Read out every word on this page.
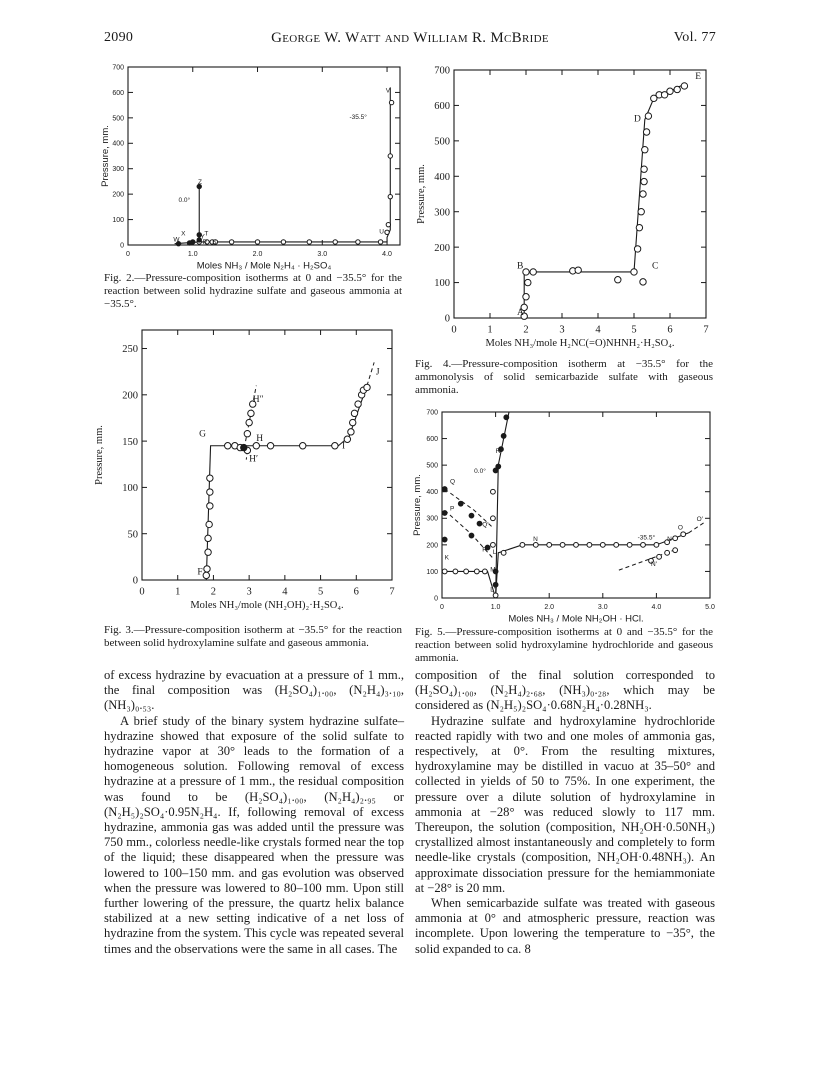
2090	George W. Watt and William R. McBride	Vol. 77
0	1.0	2.0	3.0	4.0
0
100
200
300
400
500
600
700
Moles NH₃ / Mole N₂H₄ · H₂SO₄
Pressure, mm.
W
X Y T
R S
Z
U
V
0.0°
-35.5°
Fig. 2.—Pressure-composition isotherms at 0 and −35.5° for the reaction between solid hydrazine sulfate and gaseous ammonia at −35.5°.
0	1	2	3	4	5	6	7
0
50
100
150
200
250
Moles NH₃/mole (NH₂OH)₂·H₂SO₄.
Pressure, mm.
F
G	H
H″
H′
I
J
Fig. 3.—Pressure-composition isotherm at −35.5° for the reaction between solid hydroxylamine sulfate and gaseous ammonia.
0	1	2	3	4	5	6	7
0
100
200
300
400
500
600
700
Moles NH₃/mole H₂NC(=O)NHNH₂·H₂SO₄.
Pressure, mm.
A
B	C
D
E
Fig. 4.—Pressure-composition isotherm at −35.5° for the ammonolysis of solid semicarbazide sulfate with gaseous ammonia.
0	1.0	2.0	3.0	4.0	5.0
0
100
200
300
400
500
600
700
Moles NH₃ / Mole NH₂OH · HCl.
Pressure, mm.	Q
P
K
R
0.0°
Q′
P′ L
L′
M
N	-35.5° N
O
N′
O′
Fig. 5.—Pressure-composition isotherms at 0 and −35.5° for the reaction between solid hydroxylamine hydrochloride and gaseous ammonia.

of excess hydrazine by evacuation at a pressure of 1 mm., the final composition was (H₂SO₄)₁.₀₀, (N₂H₄)₃.₁₀, (NH₃)₀.₅₃.

A brief study of the binary system hydrazine sulfate–hydrazine showed that exposure of the solid sulfate to hydrazine vapor at 30° leads to the formation of a homogeneous solution. Following removal of excess hydrazine at a pressure of 1 mm., the residual composition was found to be (H₂SO₄)₁.₀₀, (N₂H₄)₂.₉₅ or (N₂H₅)₂SO₄·0.95N₂H₄. If, following removal of excess hydrazine, ammonia gas was added until the pressure was 750 mm., colorless needle-like crystals formed near the top of the liquid; these disappeared when the pressure was lowered to 100–150 mm. and gas evolution was observed when the pressure was lowered to 80–100 mm. Upon still further lowering of the pressure, the quartz helix balance stabilized at a new setting indicative of a net loss of hydrazine from the system. This cycle was repeated several times and the observations were the same in all cases. The

composition of the final solution corresponded to (H₂SO₄)₁.₀₀, (N₂H₄)₂.₆₈, (NH₃)₀.₂₈, which may be considered as (N₂H₅)₂SO₄·0.68N₂H₄·0.28NH₃.

Hydrazine sulfate and hydroxylamine hydrochloride reacted rapidly with two and one moles of ammonia gas, respectively, at 0°. From the resulting mixtures, hydroxylamine may be distilled in vacuo at 35–50° and collected in yields of 50 to 75%. In one experiment, the pressure over a dilute solution of hydroxylamine in ammonia at −28° was reduced slowly to 117 mm. Thereupon, the solution (composition, NH₂OH·0.50NH₃) crystallized almost instantaneously and completely to form needle-like crystals (composition, NH₂OH·0.48NH₃). An approximate dissociation pressure for the hemiammoniate at −28° is 20 mm.

When semicarbazide sulfate was treated with gaseous ammonia at 0° and atmospheric pressure, reaction was incomplete. Upon lowering the temperature to −35°, the solid expanded to ca. 8
